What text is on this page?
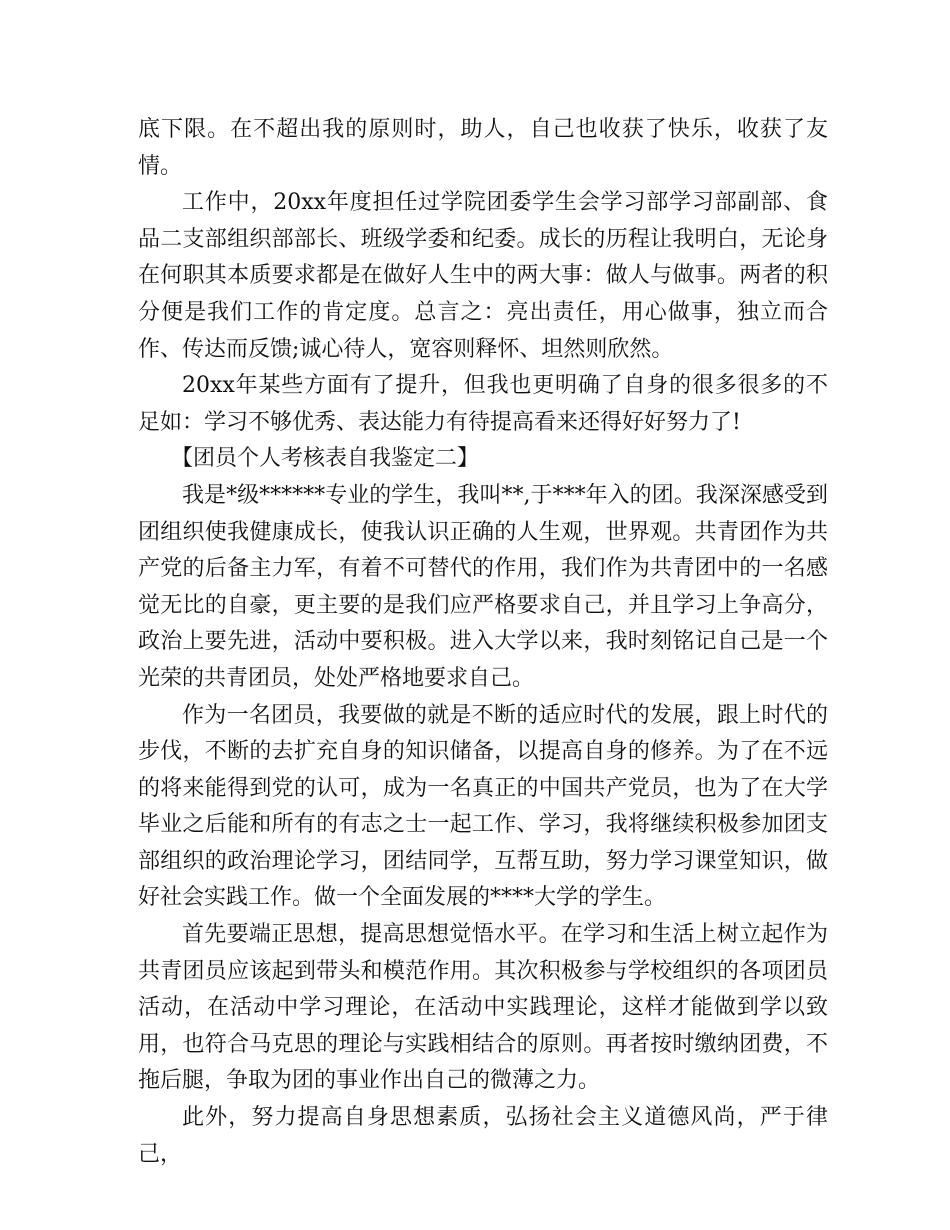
底下限。在不超出我的原则时，助人，自己也收获了快乐，收获了友情。

工作中，20xx年度担任过学院团委学生会学习部学习部副部、食品二支部组织部部长、班级学委和纪委。成长的历程让我明白，无论身在何职其本质要求都是在做好人生中的两大事：做人与做事。两者的积分便是我们工作的肯定度。总言之：亮出责任，用心做事，独立而合作、传达而反馈;诚心待人，宽容则释怀、坦然则欣然。

20xx年某些方面有了提升，但我也更明确了自身的很多很多的不足如：学习不够优秀、表达能力有待提高看来还得好好努力了!

【团员个人考核表自我鉴定二】

我是*级******专业的学生，我叫**,于***年入的团。我深深感受到团组织使我健康成长，使我认识正确的人生观，世界观。共青团作为共产党的后备主力军，有着不可替代的作用，我们作为共青团中的一名感觉无比的自豪，更主要的是我们应严格要求自己，并且学习上争高分，政治上要先进，活动中要积极。进入大学以来，我时刻铭记自己是一个光荣的共青团员，处处严格地要求自己。

作为一名团员，我要做的就是不断的适应时代的发展，跟上时代的步伐，不断的去扩充自身的知识储备，以提高自身的修养。为了在不远的将来能得到党的认可，成为一名真正的中国共产党员，也为了在大学毕业之后能和所有的有志之士一起工作、学习，我将继续积极参加团支部组织的政治理论学习，团结同学，互帮互助，努力学习课堂知识，做好社会实践工作。做一个全面发展的****大学的学生。

首先要端正思想，提高思想觉悟水平。在学习和生活上树立起作为共青团员应该起到带头和模范作用。其次积极参与学校组织的各项团员活动，在活动中学习理论，在活动中实践理论，这样才能做到学以致用，也符合马克思的理论与实践相结合的原则。再者按时缴纳团费，不拖后腿，争取为团的事业作出自己的微薄之力。

此外，努力提高自身思想素质，弘扬社会主义道德风尚，严于律己，
